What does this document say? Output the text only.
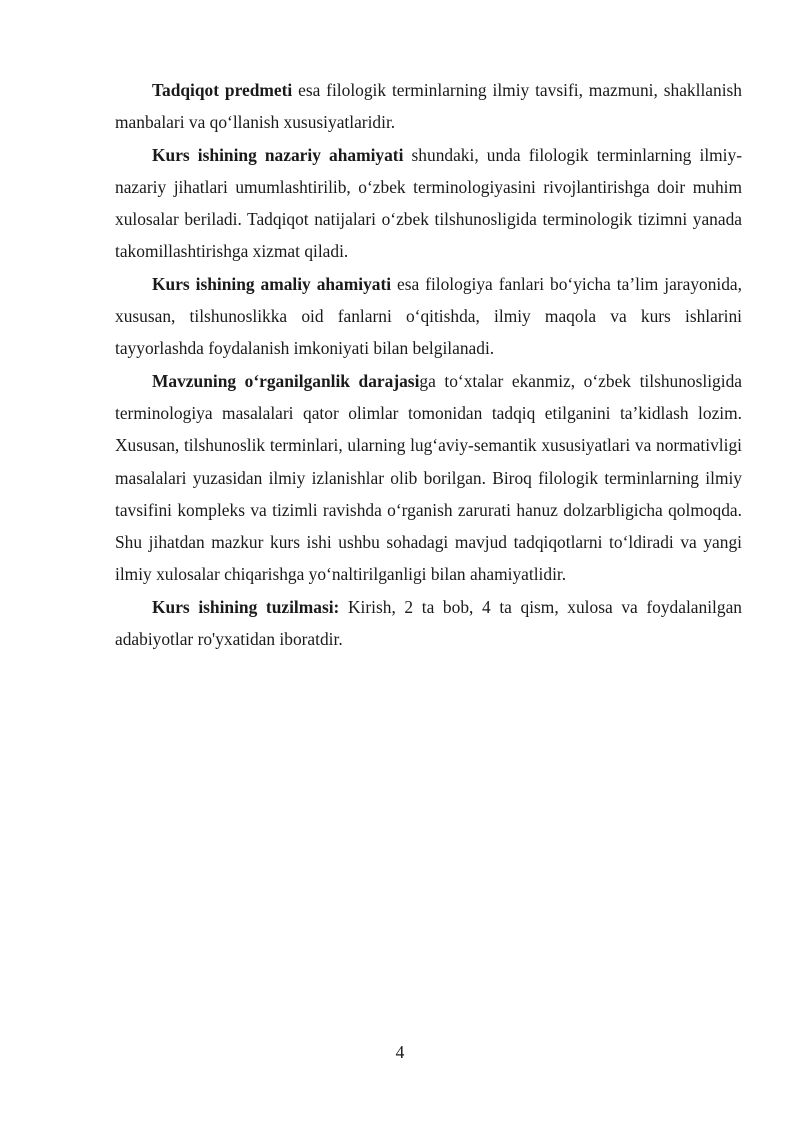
Tadqiqot predmeti esa filologik terminlarning ilmiy tavsifi, mazmuni, shakllanish manbalari va qo‘llanish xususiyatlaridir.

Kurs ishining nazariy ahamiyati shundaki, unda filologik terminlarning ilmiy-nazariy jihatlari umumlashtirilib, o‘zbek terminologiyasini rivojlantirishga doir muhim xulosalar beriladi. Tadqiqot natijalari o‘zbek tilshunosligida terminologik tizimni yanada takomillashtirishga xizmat qiladi.

Kurs ishining amaliy ahamiyati esa filologiya fanlari bo‘yicha ta’lim jarayonida, xususan, tilshunoslikka oid fanlarni o‘qitishda, ilmiy maqola va kurs ishlarini tayyorlashda foydalanish imkoniyati bilan belgilanadi.

Mavzuning o‘rganilganlik darajasiga to‘xtalar ekanmiz, o‘zbek tilshunosligida terminologiya masalalari qator olimlar tomonidan tadqiq etilganini ta’kidlash lozim. Xususan, tilshunoslik terminlari, ularning lug‘aviy-semantik xususiyatlari va normativligi masalalari yuzasidan ilmiy izlanishlar olib borilgan. Biroq filologik terminlarning ilmiy tavsifini kompleks va tizimli ravishda o‘rganish zarurati hanuz dolzarbligicha qolmoqda. Shu jihatdan mazkur kurs ishi ushbu sohadagi mavjud tadqiqotlarni to‘ldiradi va yangi ilmiy xulosalar chiqarishga yo‘naltirilganligi bilan ahamiyatlidir.

Kurs ishining tuzilmasi: Kirish, 2 ta bob, 4 ta qism, xulosa va foydalanilgan adabiyotlar ro'yxatidan iboratdir.

4
